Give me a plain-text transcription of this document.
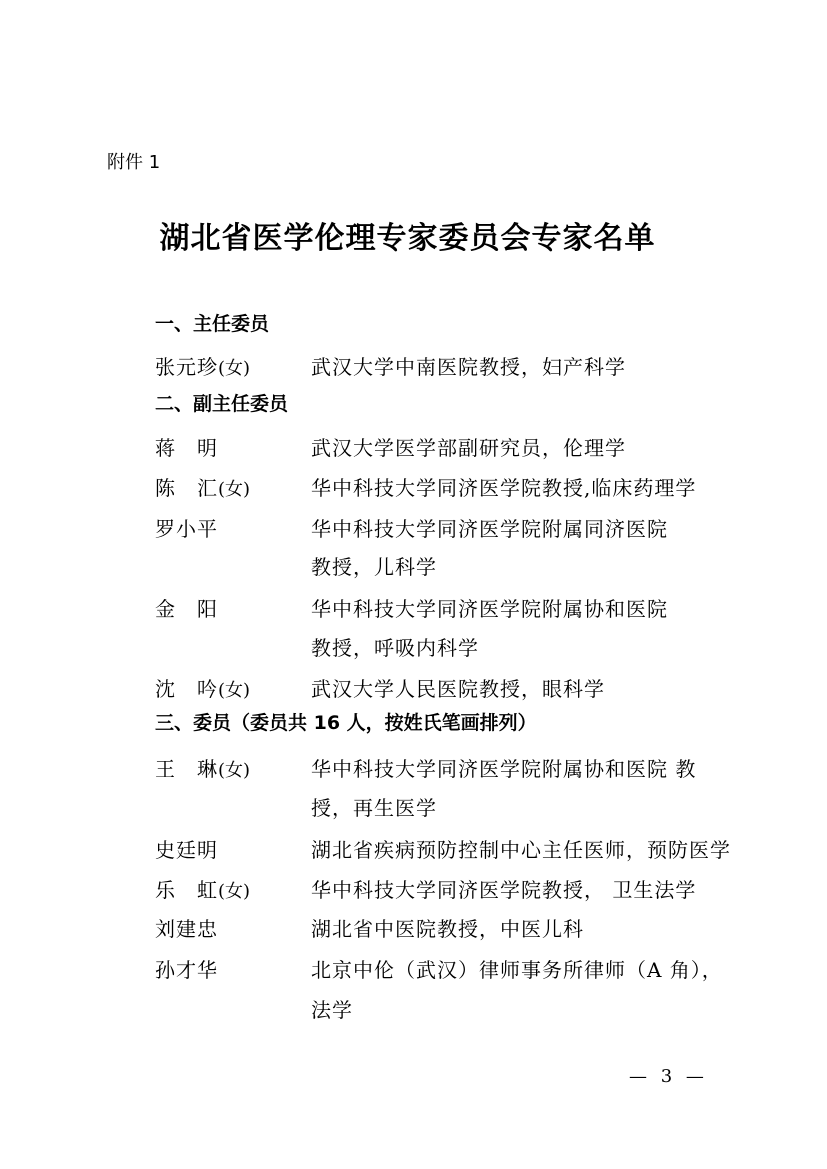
附件 1
湖北省医学伦理专家委员会专家名单
一、主任委员
张元珍(女)	武汉大学中南医院教授，妇产科学
二、副主任委员
蒋　明	武汉大学医学部副研究员，伦理学
陈　汇(女)	华中科技大学同济医学院教授,临床药理学
罗小平	华中科技大学同济医学院附属同济医院
教授，儿科学
金　阳	华中科技大学同济医学院附属协和医院
教授，呼吸内科学
沈　吟(女)	武汉大学人民医院教授，眼科学
三、委员（委员共 16 人，按姓氏笔画排列）
王　琳(女)	华中科技大学同济医学院附属协和医院 教
授，再生医学
史廷明	湖北省疾病预防控制中心主任医师，预防医学
乐　虹(女)	华中科技大学同济医学院教授， 卫生法学
刘建忠	湖北省中医院教授，中医儿科
孙才华	北京中伦（武汉）律师事务所律师（A 角），
法学
— 3 —
